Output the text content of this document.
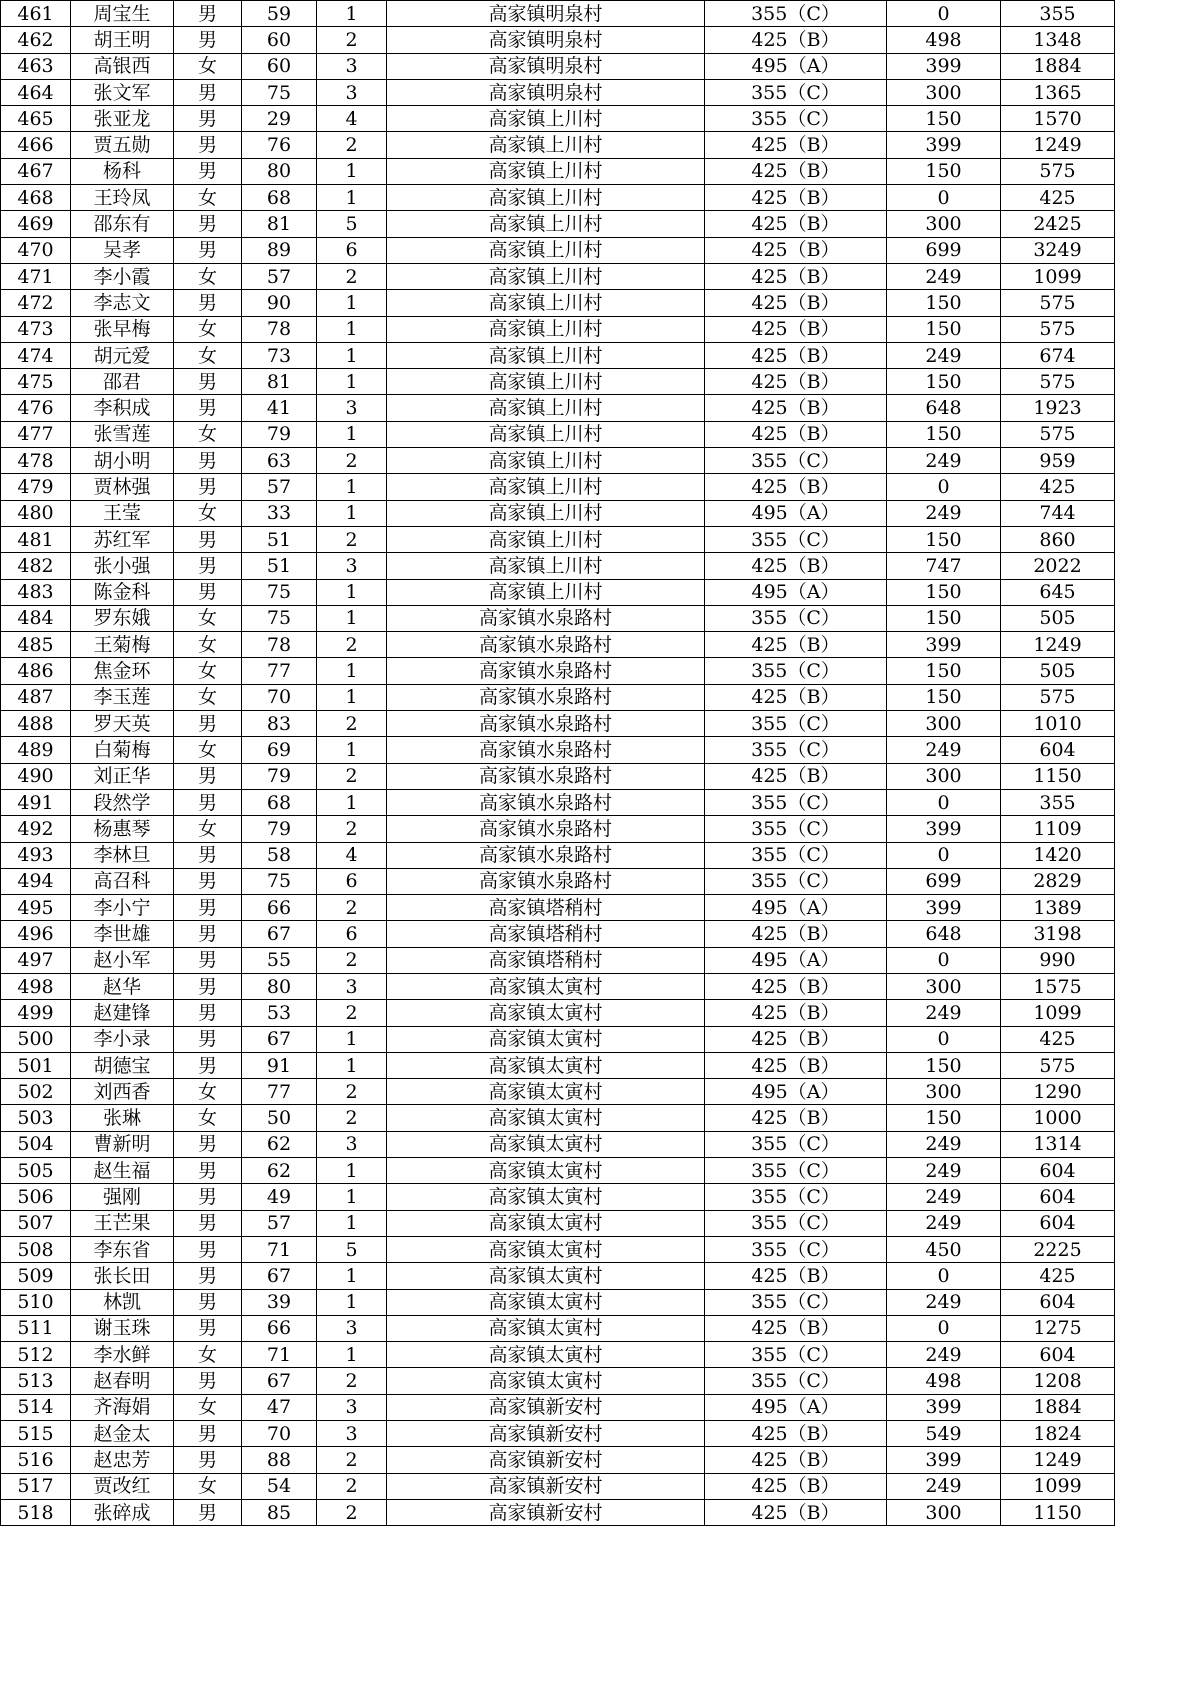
461	周宝生	男	59	1	高家镇明泉村	355（C）	0	355
462	胡王明	男	60	2	高家镇明泉村	425（B）	498	1348
463	高银西	女	60	3	高家镇明泉村	495（A）	399	1884
464	张文军	男	75	3	高家镇明泉村	355（C）	300	1365
465	张亚龙	男	29	4	高家镇上川村	355（C）	150	1570
466	贾五勋	男	76	2	高家镇上川村	425（B）	399	1249
467	杨科	男	80	1	高家镇上川村	425（B）	150	575
468	王玲凤	女	68	1	高家镇上川村	425（B）	0	425
469	邵东有	男	81	5	高家镇上川村	425（B）	300	2425
470	吴孝	男	89	6	高家镇上川村	425（B）	699	3249
471	李小霞	女	57	2	高家镇上川村	425（B）	249	1099
472	李志文	男	90	1	高家镇上川村	425（B）	150	575
473	张早梅	女	78	1	高家镇上川村	425（B）	150	575
474	胡元爱	女	73	1	高家镇上川村	425（B）	249	674
475	邵君	男	81	1	高家镇上川村	425（B）	150	575
476	李积成	男	41	3	高家镇上川村	425（B）	648	1923
477	张雪莲	女	79	1	高家镇上川村	425（B）	150	575
478	胡小明	男	63	2	高家镇上川村	355（C）	249	959
479	贾林强	男	57	1	高家镇上川村	425（B）	0	425
480	王莹	女	33	1	高家镇上川村	495（A）	249	744
481	苏红军	男	51	2	高家镇上川村	355（C）	150	860
482	张小强	男	51	3	高家镇上川村	425（B）	747	2022
483	陈金科	男	75	1	高家镇上川村	495（A）	150	645
484	罗东娥	女	75	1	高家镇水泉路村	355（C）	150	505
485	王菊梅	女	78	2	高家镇水泉路村	425（B）	399	1249
486	焦金环	女	77	1	高家镇水泉路村	355（C）	150	505
487	李玉莲	女	70	1	高家镇水泉路村	425（B）	150	575
488	罗天英	男	83	2	高家镇水泉路村	355（C）	300	1010
489	白菊梅	女	69	1	高家镇水泉路村	355（C）	249	604
490	刘正华	男	79	2	高家镇水泉路村	425（B）	300	1150
491	段然学	男	68	1	高家镇水泉路村	355（C）	0	355
492	杨惠琴	女	79	2	高家镇水泉路村	355（C）	399	1109
493	李林旦	男	58	4	高家镇水泉路村	355（C）	0	1420
494	高召科	男	75	6	高家镇水泉路村	355（C）	699	2829
495	李小宁	男	66	2	高家镇塔稍村	495（A）	399	1389
496	李世雄	男	67	6	高家镇塔稍村	425（B）	648	3198
497	赵小军	男	55	2	高家镇塔稍村	495（A）	0	990
498	赵华	男	80	3	高家镇太寅村	425（B）	300	1575
499	赵建锋	男	53	2	高家镇太寅村	425（B）	249	1099
500	李小录	男	67	1	高家镇太寅村	425（B）	0	425
501	胡德宝	男	91	1	高家镇太寅村	425（B）	150	575
502	刘西香	女	77	2	高家镇太寅村	495（A）	300	1290
503	张琳	女	50	2	高家镇太寅村	425（B）	150	1000
504	曹新明	男	62	3	高家镇太寅村	355（C）	249	1314
505	赵生福	男	62	1	高家镇太寅村	355（C）	249	604
506	强刚	男	49	1	高家镇太寅村	355（C）	249	604
507	王芒果	男	57	1	高家镇太寅村	355（C）	249	604
508	李东省	男	71	5	高家镇太寅村	355（C）	450	2225
509	张长田	男	67	1	高家镇太寅村	425（B）	0	425
510	林凯	男	39	1	高家镇太寅村	355（C）	249	604
511	谢玉珠	男	66	3	高家镇太寅村	425（B）	0	1275
512	李水鲜	女	71	1	高家镇太寅村	355（C）	249	604
513	赵春明	男	67	2	高家镇太寅村	355（C）	498	1208
514	齐海娟	女	47	3	高家镇新安村	495（A）	399	1884
515	赵金太	男	70	3	高家镇新安村	425（B）	549	1824
516	赵忠芳	男	88	2	高家镇新安村	425（B）	399	1249
517	贾改红	女	54	2	高家镇新安村	425（B）	249	1099
518	张碎成	男	85	2	高家镇新安村	425（B）	300	1150
